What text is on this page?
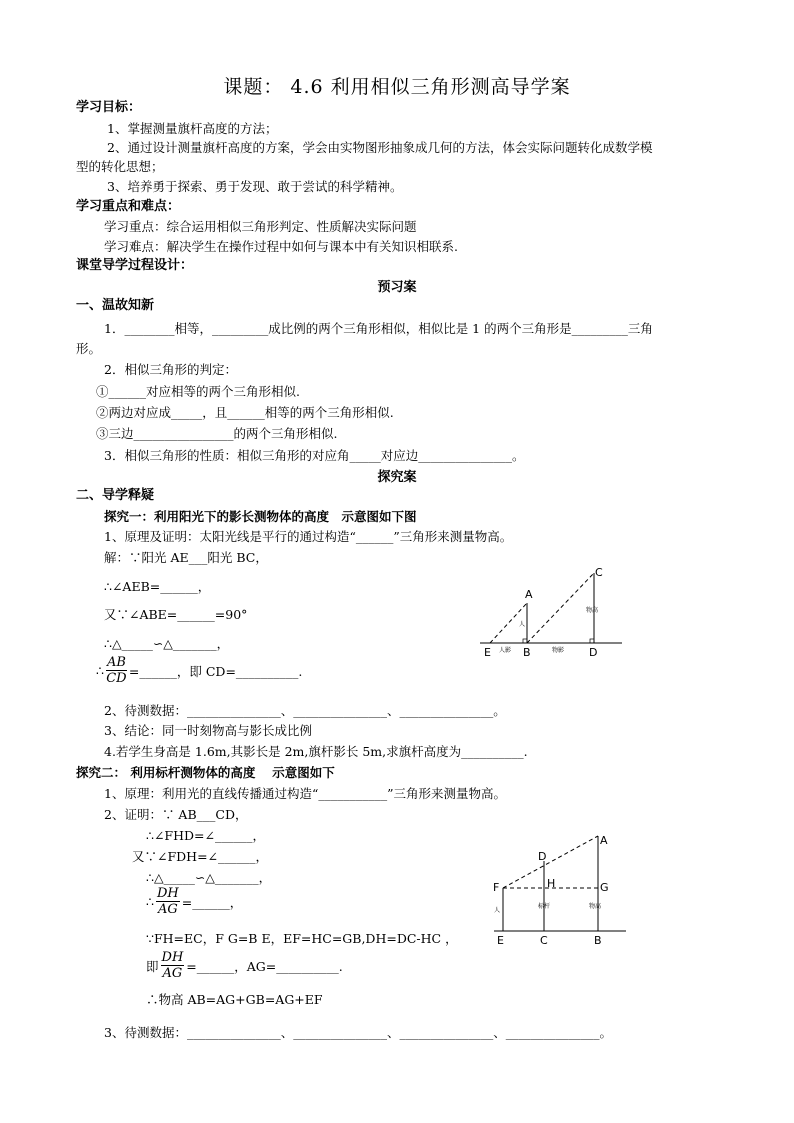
课题： 4.6 利用相似三角形测高导学案
学习目标：
1、掌握测量旗杆高度的方法；
2、通过设计测量旗杆高度的方案，学会由实物图形抽象成几何的方法，体会实际问题转化成数学模
型的转化思想；
3、培养勇于探索、勇于发现、敢于尝试的科学精神。
学习重点和难点：
学习重点：综合运用相似三角形判定、性质解决实际问题
学习难点：解决学生在操作过程中如何与课本中有关知识相联系.
课堂导学过程设计：
预习案
一、温故知新
1．________相等，_________成比例的两个三角形相似，相似比是 1 的两个三角形是_________三角
形。
2．相似三角形的判定：
①______对应相等的两个三角形相似.
②两边对应成_____，且______相等的两个三角形相似.
③三边________________的两个三角形相似.
3．相似三角形的性质：相似三角形的对应角_____对应边_______________。
探究案
二、导学释疑
探究一：利用阳光下的影长测物体的高度　示意图如下图
1、原理及证明：太阳光线是平行的通过构造“______”三角形来测量物高。
解：∵阳光 AE___阳光 BC，
∴∠AEB=______，
又∵∠ABE=______=90°
∴△_____∽△_______，
∴ $\frac{AB}{CD}$ =______，即 CD=__________.
2、待测数据：_______________、_______________、_______________。
3、结论：同一时刻物高与影长成比例
4.若学生身高是 1.6m,其影长是 2m,旗杆影长 5m,求旗杆高度为__________.
探究二： 利用标杆测物体的高度　 示意图如下
1、原理：利用光的直线传播通过构造“___________”三角形来测量物高。
2、证明：∵ AB___CD，
∴∠FHD=∠______，
又∵∠FDH=∠______，
∴△_____∽△_______，
∴ $\frac{DH}{AG}$ =______，
∵FH=EC，F G=B E，EF=HC=GB,DH=DC-HC ，
即 $\frac{DH}{AG}$ =______，AG=__________.
∴物高 AB=AG+GB=AG+EF
3、待测数据：_______________、_______________、_______________、_______________。
A
C
E	B	D
人
人影	物影
物高
A
D
F	H	G
E	C	B
人
标杆	物高
